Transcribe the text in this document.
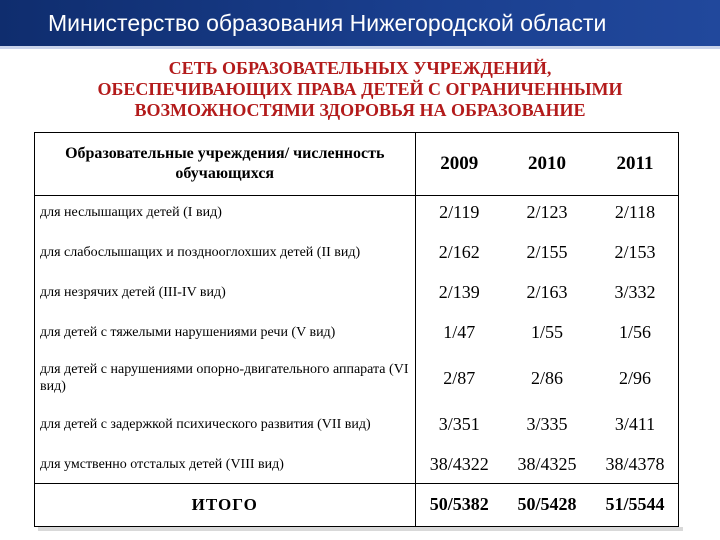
Министерство образования Нижегородской области
СЕТЬ ОБРАЗОВАТЕЛЬНЫХ УЧРЕЖДЕНИЙ,
ОБЕСПЕЧИВАЮЩИХ ПРАВА ДЕТЕЙ С ОГРАНИЧЕННЫМИ
ВОЗМОЖНОСТЯМИ ЗДОРОВЬЯ НА ОБРАЗОВАНИЕ
Образовательные учреждения/ численность обучающихся	2009	2010	2011
для неслышащих детей (I вид)	2/119	2/123	2/118
для слабослышащих и позднооглохших детей (II вид)	2/162	2/155	2/153
для незрячих детей (III-IV вид)	2/139	2/163	3/332
для детей с тяжелыми нарушениями речи (V вид)	1/47	1/55	1/56
для детей с нарушениями опорно-двигательного аппарата (VI вид)	2/87	2/86	2/96
для детей с задержкой психического развития (VII вид)	3/351	3/335	3/411
для умственно отсталых детей (VIII вид)	38/4322	38/4325	38/4378
ИТОГО	50/5382	50/5428	51/5544
